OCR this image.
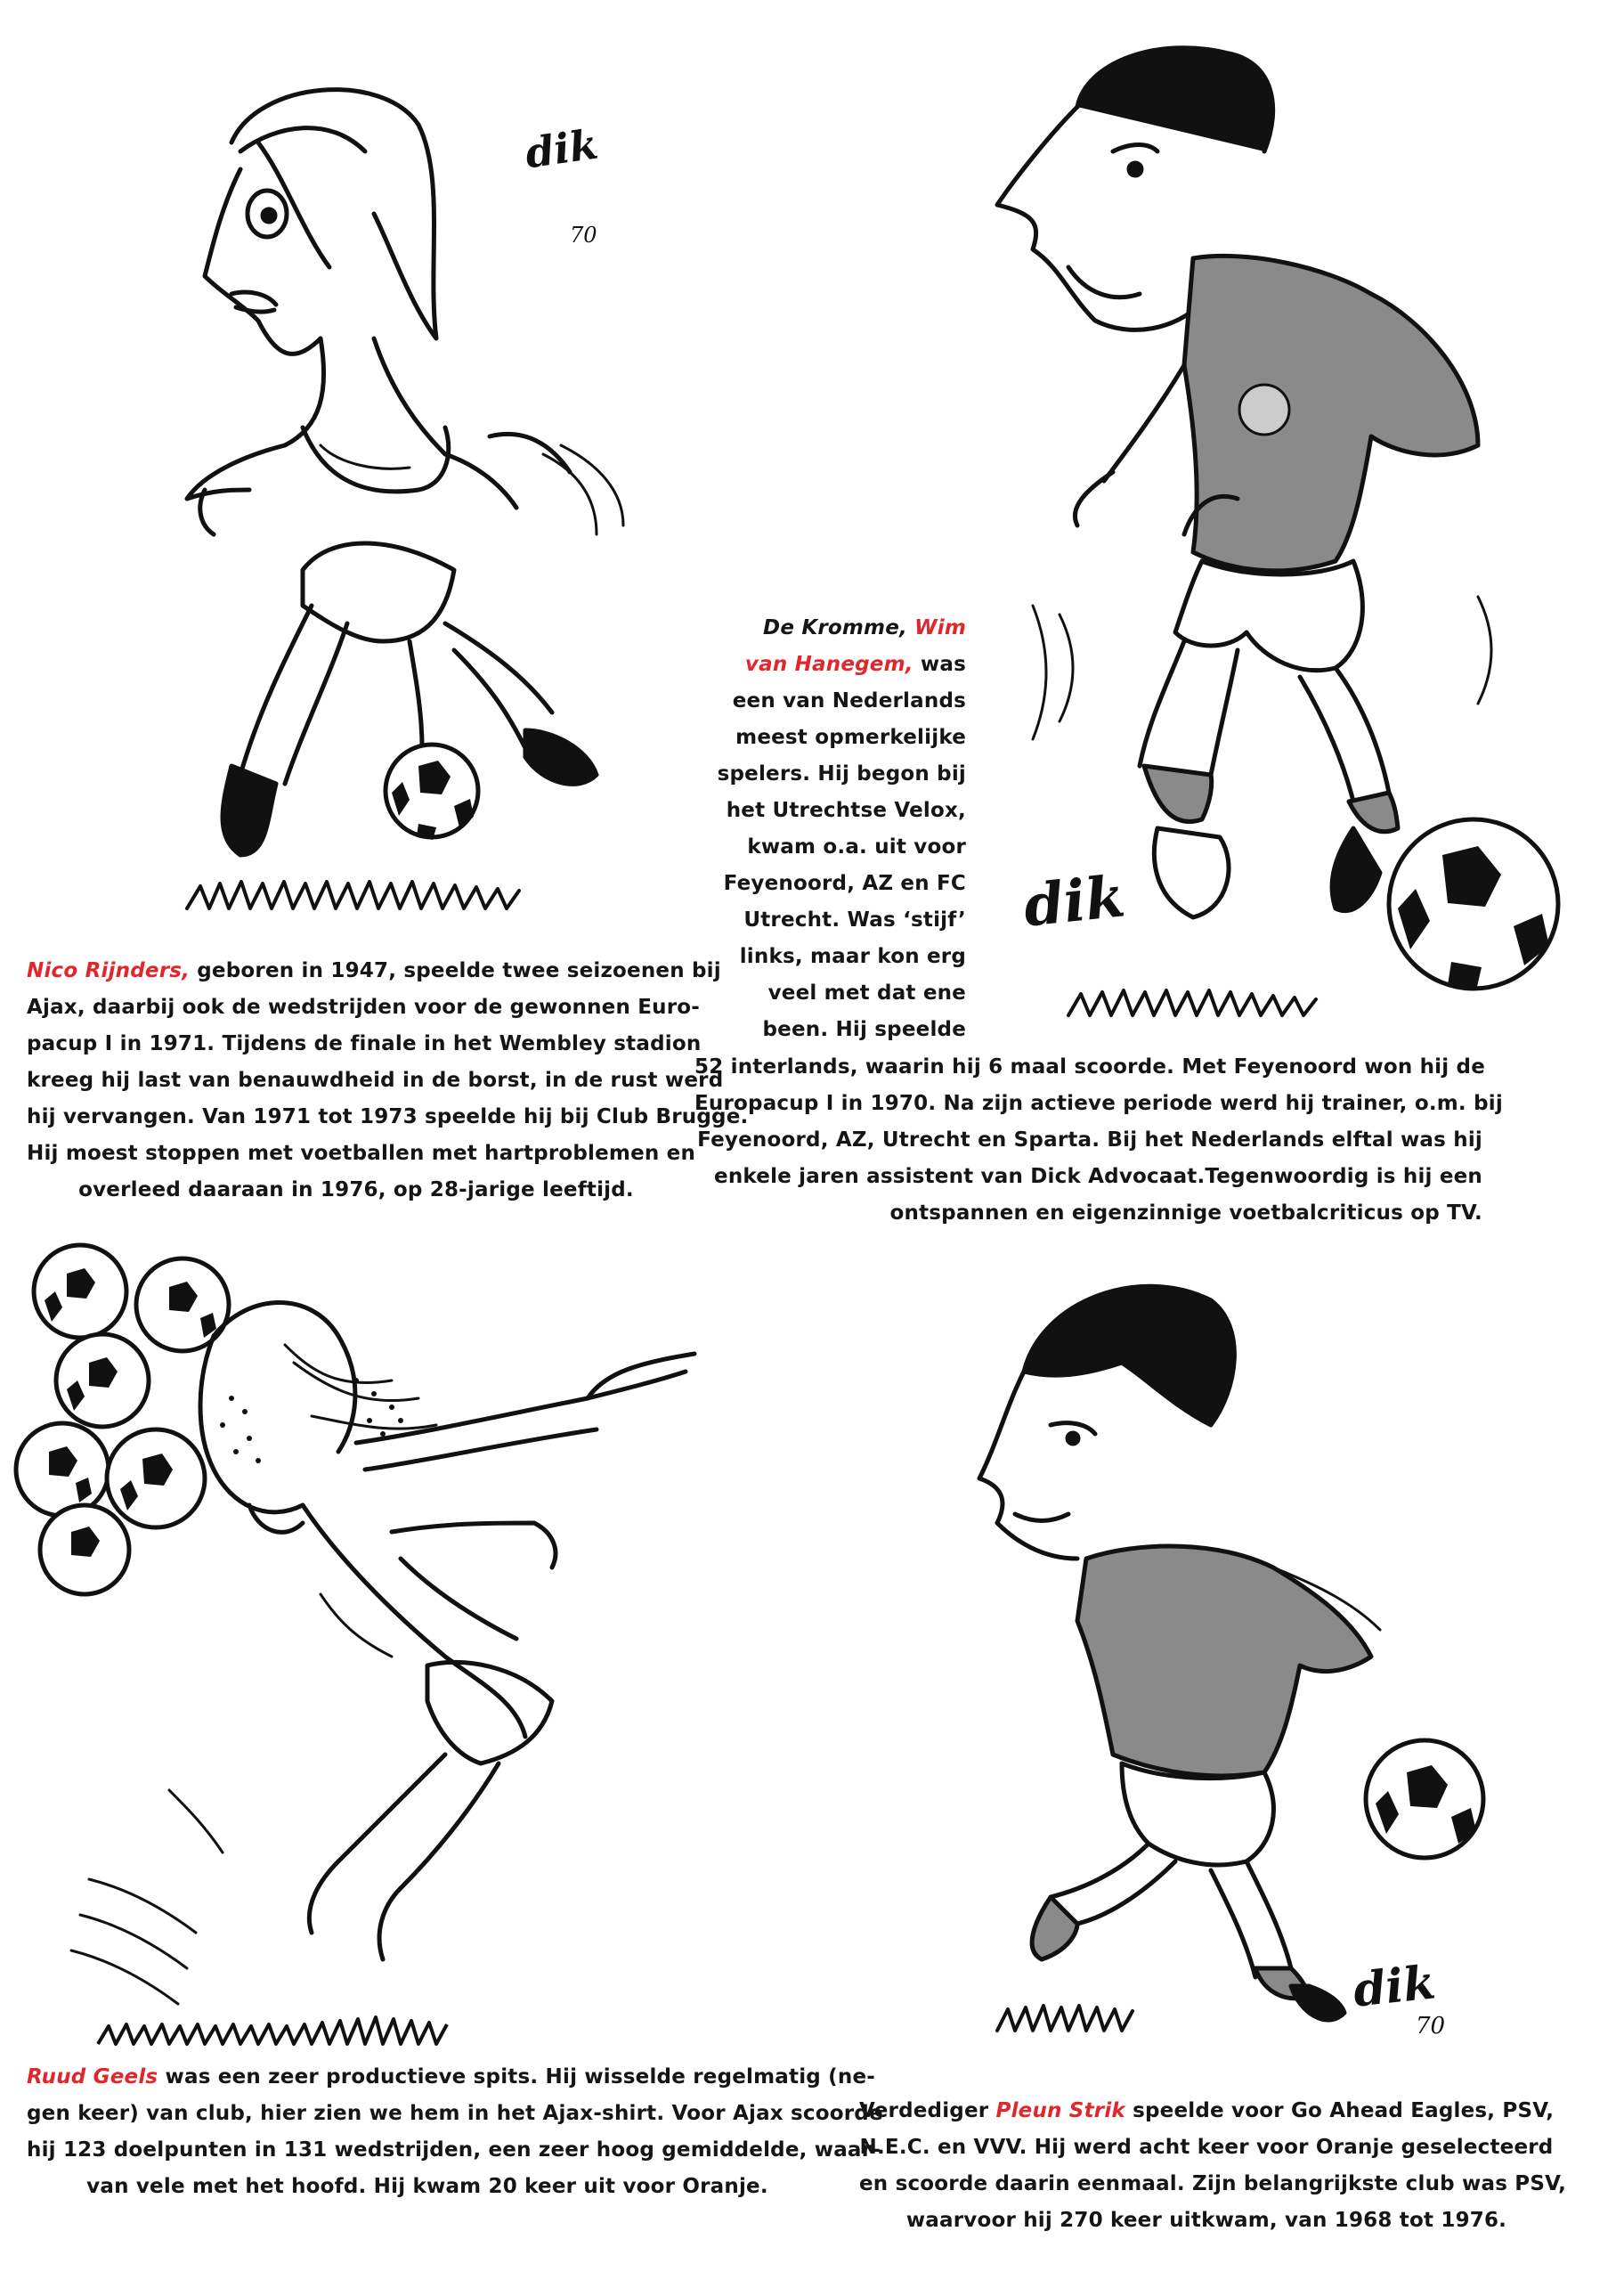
dik
70
dik
dik
70
Nico Rijnders, geboren in 1947, speelde twee seizoenen bij
Ajax, daarbij ook de wedstrijden voor de gewonnen Euro-
pacup I in 1971. Tijdens de finale in het Wembley stadion
kreeg hij last van benauwdheid in de borst, in de rust werd
hij vervangen. Van 1971 tot 1973 speelde hij bij Club Brugge.
Hij moest stoppen met voetballen met hartproblemen en
overleed daaraan in 1976, op 28-jarige leeftijd.
De Kromme, Wim
van Hanegem, was
een van Nederlands
meest opmerkelijke
spelers. Hij begon bij
het Utrechtse Velox,
kwam o.a. uit voor
Feyenoord, AZ en FC
Utrecht. Was ‘stijf’
links, maar kon erg
veel met dat ene
been. Hij speelde
52 interlands, waarin hij 6 maal scoorde. Met Feyenoord won hij de
Europacup I in 1970. Na zijn actieve periode werd hij trainer, o.m. bij
Feyenoord, AZ, Utrecht en Sparta. Bij het Nederlands elftal was hij
enkele jaren assistent van Dick Advocaat.Tegenwoordig is hij een
ontspannen en eigenzinnige voetbalcriticus op TV.
Ruud Geels was een zeer productieve spits. Hij wisselde regelmatig (ne-
gen keer) van club, hier zien we hem in het Ajax-shirt. Voor Ajax scoorde
hij 123 doelpunten in 131 wedstrijden, een zeer hoog gemiddelde, waar-
van vele met het hoofd. Hij kwam 20 keer uit voor Oranje.
Verdediger Pleun Strik speelde voor Go Ahead Eagles, PSV,
N.E.C. en VVV. Hij werd acht keer voor Oranje geselecteerd
en scoorde daarin eenmaal. Zijn belangrijkste club was PSV,
waarvoor hij 270 keer uitkwam, van 1968 tot 1976.
